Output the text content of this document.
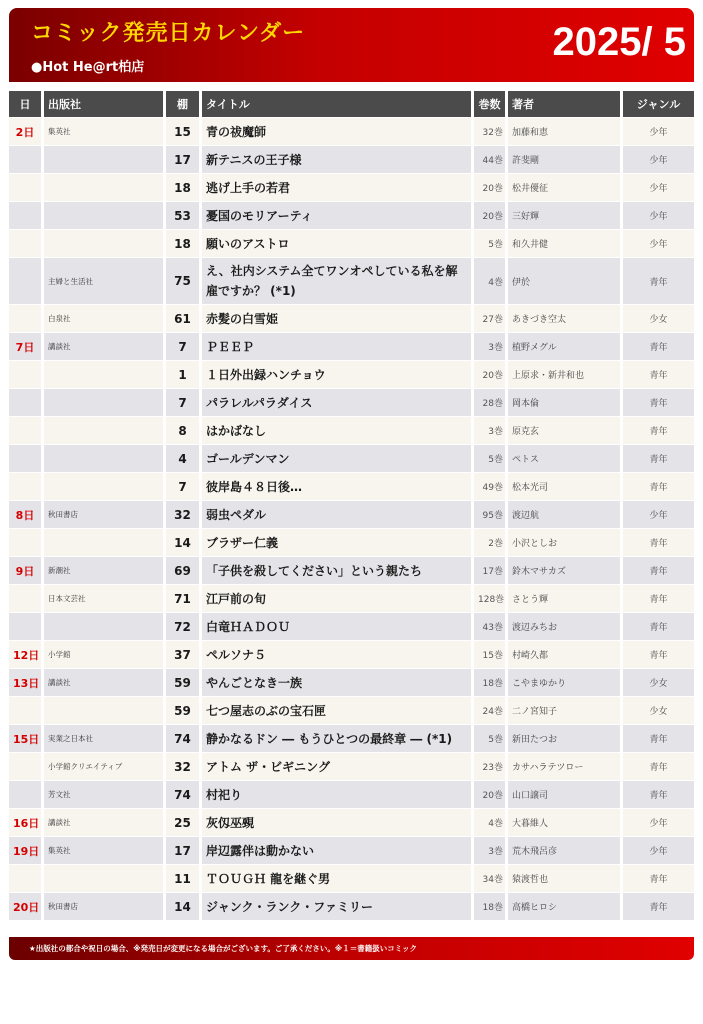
コミック発売日カレンダー
●Hot He@rt柏店
2025/ 5
日	出版社	棚	タイトル	巻数	著者	ジャンル
2日	集英社	15	青の祓魔師	32巻	加藤和恵	少年
		17	新テニスの王子様	44巻	許斐剛	少年
		18	逃げ上手の若君	20巻	松井優征	少年
		53	憂国のモリアーティ	20巻	三好輝	少年
		18	願いのアストロ	5巻	和久井健	少年
	主婦と生活社	75	え、社内システム全てワンオペしている私を解雇ですか？ (*1)	4巻	伊於	青年
	白泉社	61	赤髪の白雪姫	27巻	あきづき空太	少女
7日	講談社	7	ＰＥＥＰ	3巻	植野メグル	青年
		1	１日外出録ハンチョウ	20巻	上原求・新井和也	青年
		7	パラレルパラダイス	28巻	岡本倫	青年
		8	はかばなし	3巻	原克玄	青年
		4	ゴールデンマン	5巻	ペトス	青年
		7	彼岸島４８日後…	49巻	松本光司	青年
8日	秋田書店	32	弱虫ペダル	95巻	渡辺航	少年
		14	ブラザー仁義	2巻	小沢としお	青年
9日	新潮社	69	「子供を殺してください」という親たち	17巻	鈴木マサカズ	青年
	日本文芸社	71	江戸前の旬	128巻	さとう輝	青年
		72	白竜ＨＡＤＯＵ	43巻	渡辺みちお	青年
12日	小学館	37	ペルソナ５	15巻	村崎久都	青年
13日	講談社	59	やんごとなき一族	18巻	こやまゆかり	少女
		59	七つ屋志のぶの宝石匣	24巻	二ノ宮知子	少女
15日	実業之日本社	74	静かなるドン ― もうひとつの最終章 ― (*1)	5巻	新田たつお	青年
	小学館クリエイティブ	32	アトム ザ・ビギニング	23巻	カサハラテツロー	青年
	芳文社	74	村祀り	20巻	山口譲司	青年
16日	講談社	25	灰仭巫覡	4巻	大暮維人	少年
19日	集英社	17	岸辺露伴は動かない	3巻	荒木飛呂彦	少年
		11	ＴＯＵＧＨ 龍を継ぐ男	34巻	猿渡哲也	青年
20日	秋田書店	14	ジャンク・ランク・ファミリー	18巻	高橋ヒロシ	青年
★出版社の都合や祝日の場合、※発売日が変更になる場合がございます。ご了承ください。※１＝書籍扱いコミック
